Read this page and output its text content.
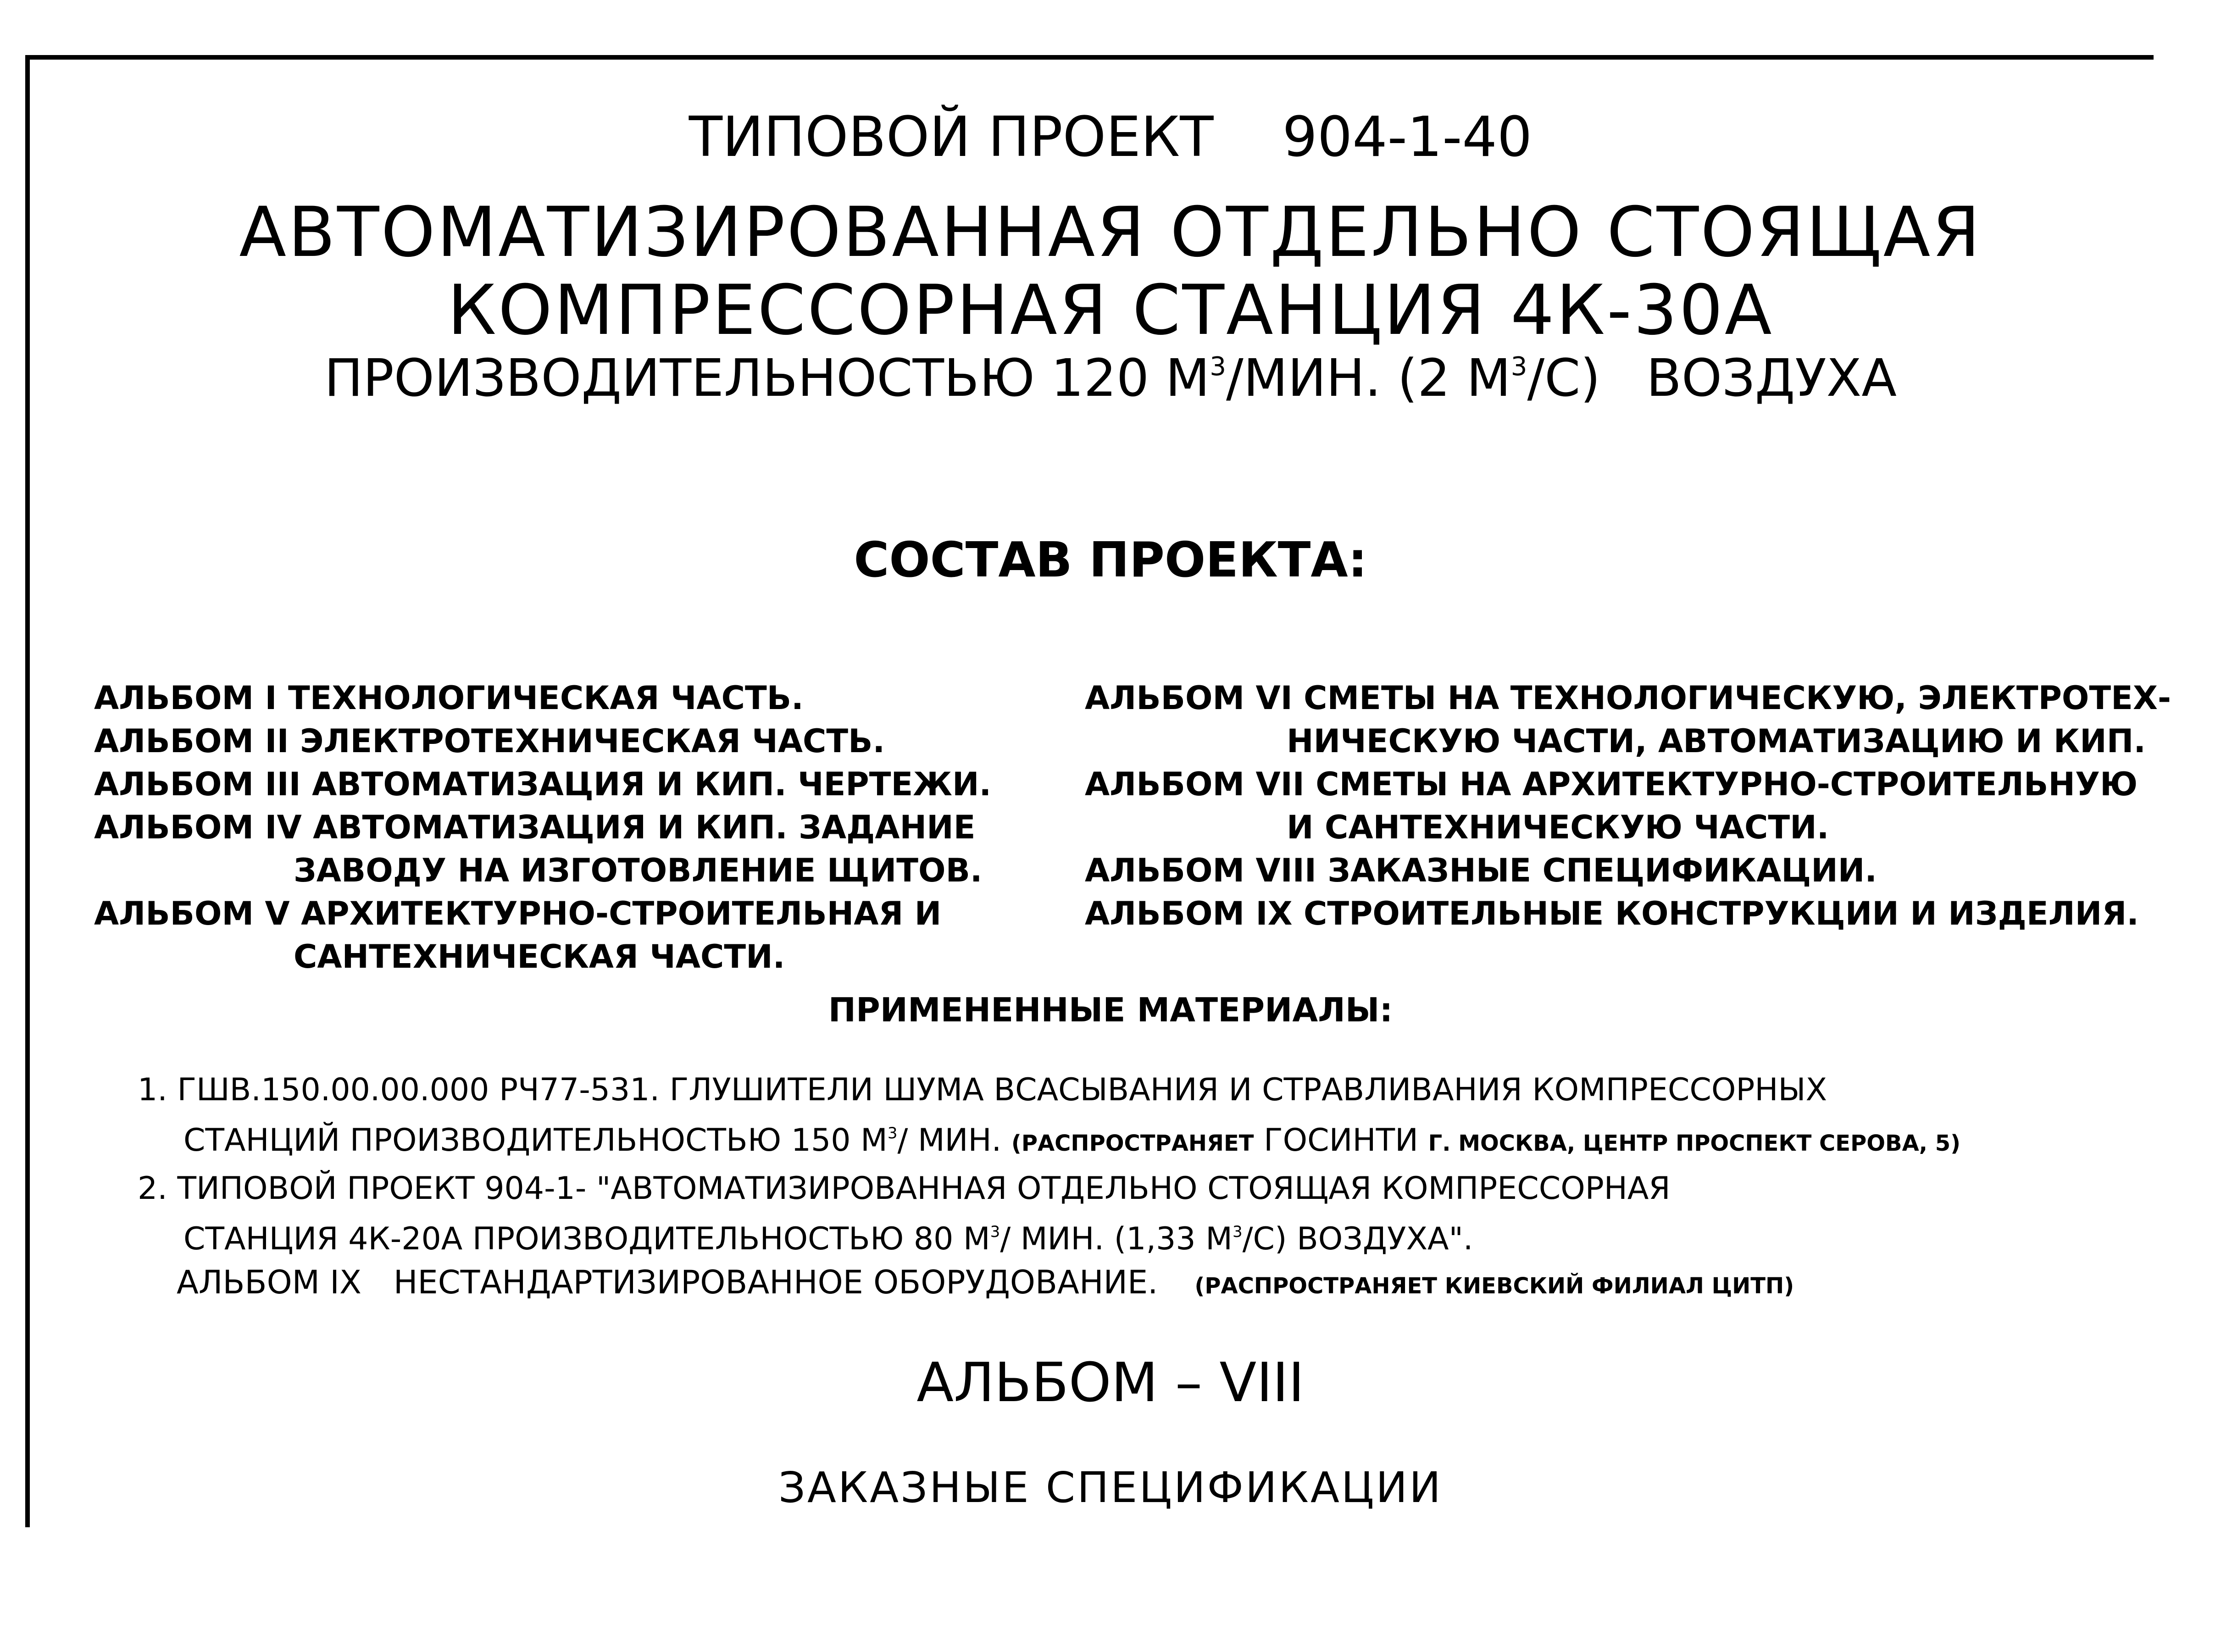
ТИПОВОЙ ПРОЕКТ 904-1-40
АВТОМАТИЗИРОВАННАЯ ОТДЕЛЬНО СТОЯЩАЯ
КОМПРЕССОРНАЯ СТАНЦИЯ 4К-30А
ПРОИЗВОДИТЕЛЬНОСТЬЮ 120 $М^3$/МИН. (2 $М^3/С$) ВОЗДУХА
СОСТАВ ПРОЕКТА:
АЛЬБОМ I ТЕХНОЛОГИЧЕСКАЯ ЧАСТЬ.
АЛЬБОМ II ЭЛЕКТРОТЕХНИЧЕСКАЯ ЧАСТЬ.
АЛЬБОМ III АВТОМАТИЗАЦИЯ И КИП. ЧЕРТЕЖИ.
АЛЬБОМ IV АВТОМАТИЗАЦИЯ И КИП. ЗАДАНИЕ
ЗАВОДУ НА ИЗГОТОВЛЕНИЕ ЩИТОВ.
АЛЬБОМ V АРХИТЕКТУРНО-СТРОИТЕЛЬНАЯ И
САНТЕХНИЧЕСКАЯ ЧАСТИ.
АЛЬБОМ VI СМЕТЫ НА ТЕХНОЛОГИЧЕСКУЮ, ЭЛЕКТРОТЕХ-
НИЧЕСКУЮ ЧАСТИ, АВТОМАТИЗАЦИЮ И КИП.
АЛЬБОМ VII СМЕТЫ НА АРХИТЕКТУРНО-СТРОИТЕЛЬНУЮ
И САНТЕХНИЧЕСКУЮ ЧАСТИ.
АЛЬБОМ VIII ЗАКАЗНЫЕ СПЕЦИФИКАЦИИ.
АЛЬБОМ IX СТРОИТЕЛЬНЫЕ КОНСТРУКЦИИ И ИЗДЕЛИЯ.
ПРИМЕНЕННЫЕ МАТЕРИАЛЫ:
1. ГШВ.150.00.00.000 РЧ77-531. ГЛУШИТЕЛИ ШУМА ВСАСЫВАНИЯ И СТРАВЛИВАНИЯ КОМПРЕССОРНЫХ
СТАНЦИЙ ПРОИЗВОДИТЕЛЬНОСТЬЮ 150 $М^3/$ МИН. (РАСПРОСТРАНЯЕТ ГОСИНТИ Г. МОСКВА, ЦЕНТР ПРОСПЕКТ СЕРОВА, 5)
2. ТИПОВОЙ ПРОЕКТ 904-1- "АВТОМАТИЗИРОВАННАЯ ОТДЕЛЬНО СТОЯЩАЯ КОМПРЕССОРНАЯ
СТАНЦИЯ 4К-20А ПРОИЗВОДИТЕЛЬНОСТЬЮ 80 $М^3/$ МИН. (1,33 $М^3/С$) ВОЗДУХА".
АЛЬБОМ IX НЕСТАНДАРТИЗИРОВАННОЕ ОБОРУДОВАНИЕ. (РАСПРОСТРАНЯЕТ КИЕВСКИЙ ФИЛИАЛ ЦИТП)
АЛЬБОМ – VIII
ЗАКАЗНЫЕ СПЕЦИФИКАЦИИ
